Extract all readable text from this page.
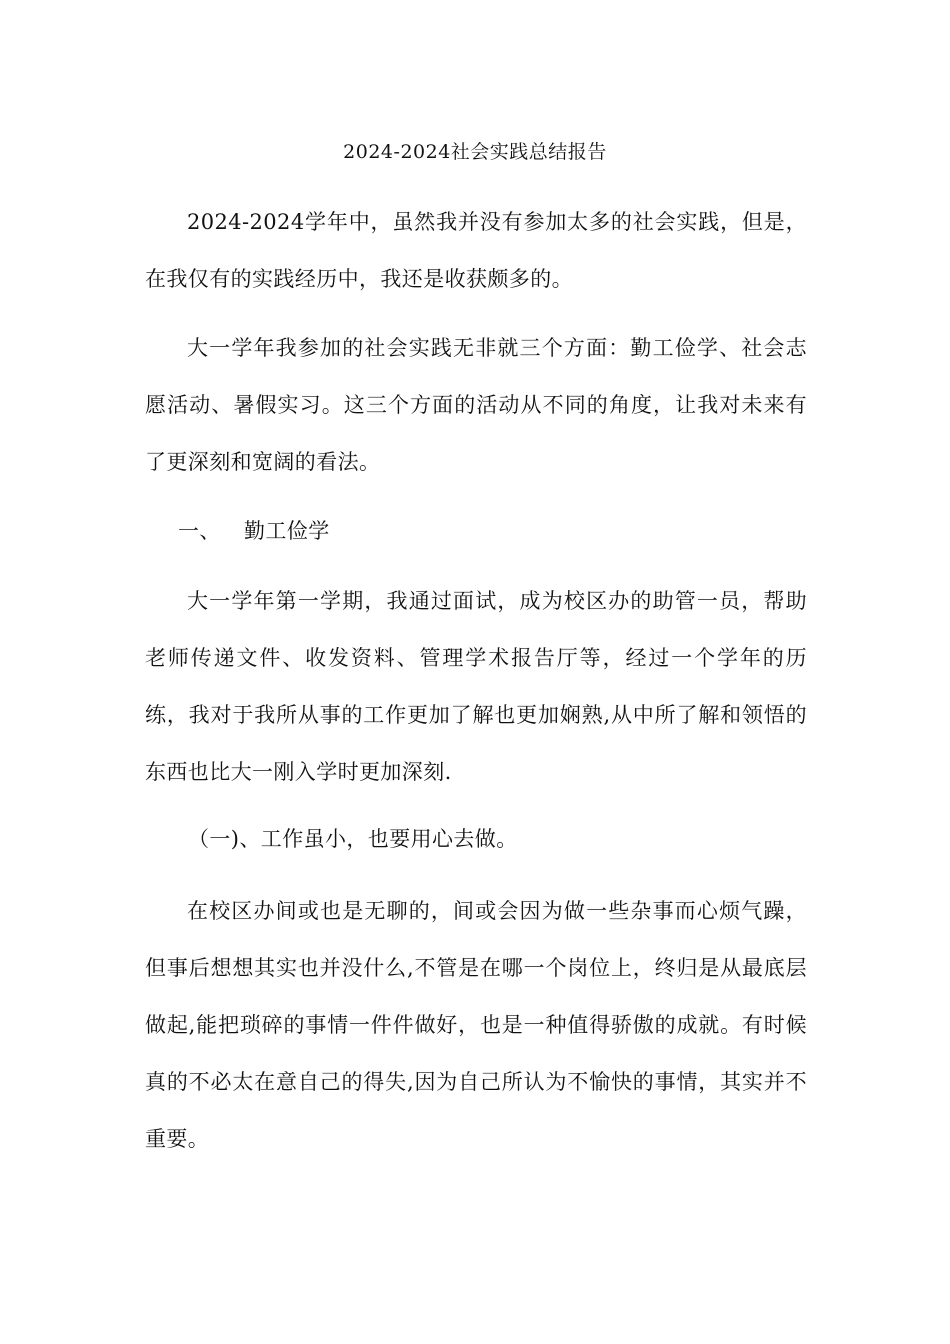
2024-2024社会实践总结报告

2024-2024学年中，虽然我并没有参加太多的社会实践，但是，在我仅有的实践经历中，我还是收获颇多的。

大一学年我参加的社会实践无非就三个方面：勤工俭学、社会志愿活动、暑假实习。这三个方面的活动从不同的角度，让我对未来有了更深刻和宽阔的看法。

一、 勤工俭学

大一学年第一学期，我通过面试，成为校区办的助管一员，帮助老师传递文件、收发资料、管理学术报告厅等，经过一个学年的历练，我对于我所从事的工作更加了解也更加娴熟,从中所了解和领悟的东西也比大一刚入学时更加深刻.

（一)、工作虽小，也要用心去做。

在校区办间或也是无聊的，间或会因为做一些杂事而心烦气躁，但事后想想其实也并没什么,不管是在哪一个岗位上，终归是从最底层做起,能把琐碎的事情一件件做好，也是一种值得骄傲的成就。有时候真的不必太在意自己的得失,因为自己所认为不愉快的事情，其实并不重要。
